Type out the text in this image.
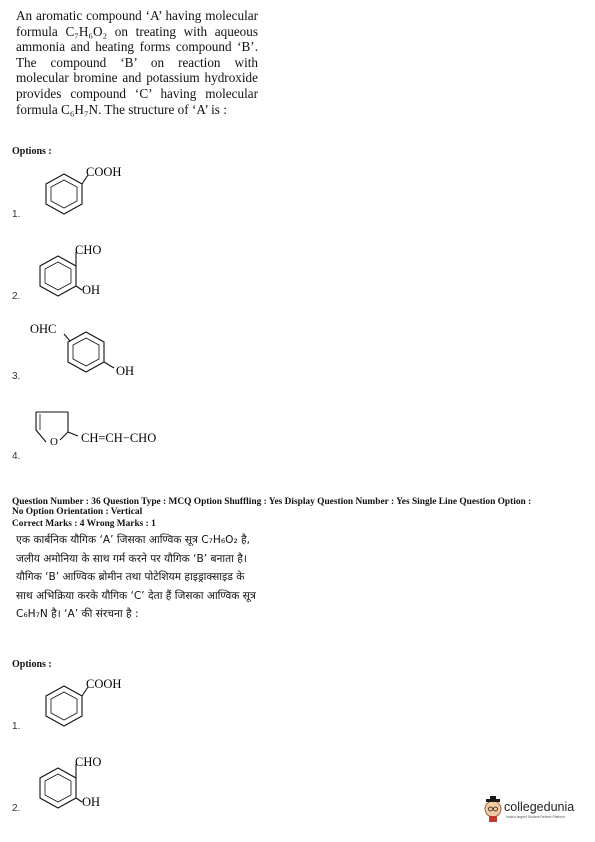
An aromatic compound ‘A’ having molecular formula C₇H₆O₂ on treating with aqueous ammonia and heating forms compound ‘B’. The compound ‘B’ on reaction with molecular bromine and potassium hydroxide provides compound ‘C’ having molecular formula C₆H₇N. The structure of ‘A’ is :
Options :
COOH
1.
CHO
OH
2.
OHC
OH
3.
O CH=CH−CHO
4.
Question Number : 36 Question Type : MCQ Option Shuffling : Yes Display Question Number : Yes Single Line Question Option :
No Option Orientation : Vertical
Correct Marks : 4 Wrong Marks : 1
एक कार्बनिक यौगिक ‘A’ जिसका आण्विक सूत्र C₇H₆O₂ है, जलीय अमोनिया के साथ गर्म करने पर यौगिक ‘B’ बनाता है। यौगिक ‘B’ आण्विक ब्रोमीन तथा पोटेशियम हाइड्राक्साइड के साथ अभिक्रिया करके यौगिक ‘C’ देता हैं जिसका आण्विक सूत्र C₆H₇N है। ‘A’ की संरचना है :
Options :
COOH
1.
CHO
OH
2.	collegedunia
India's largest Student Review Platform
